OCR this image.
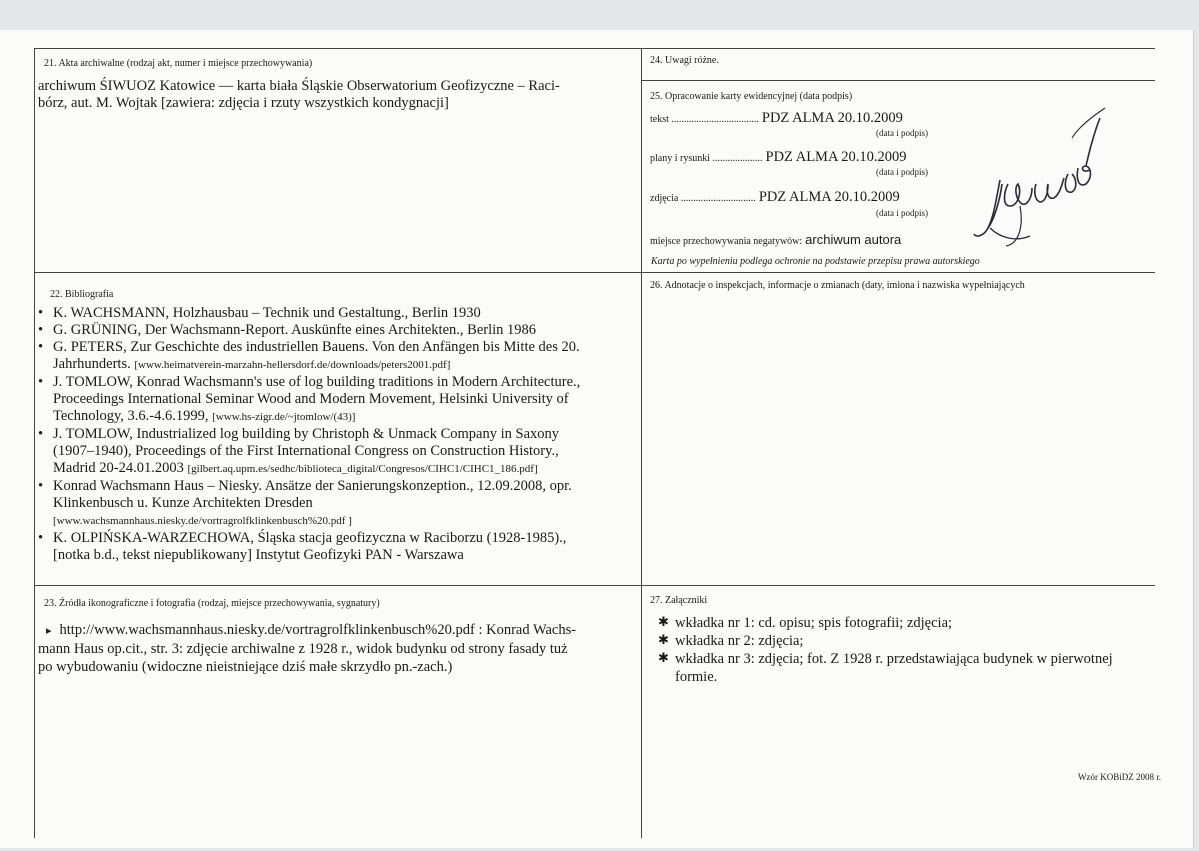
21. Akta archiwalne (rodzaj akt, numer i miejsce przechowywania)
archiwum ŚIWUOZ Katowice — karta biała Śląskie Obserwatorium Geofizyczne – Raci-
bórz, aut. M. Wojtak [zawiera: zdjęcia i rzuty wszystkich kondygnacji]
24. Uwagi różne.
25. Opracowanie karty ewidencyjnej (data podpis)
tekst ................................... PDZ ALMA 20.10.2009
(data i podpis)
plany i rysunki .................... PDZ ALMA 20.10.2009
(data i podpis)
zdjęcia .............................. PDZ ALMA 20.10.2009
(data i podpis)
miejsce przechowywania negatywów: archiwum autora
Karta po wypełnieniu podlega ochronie na podstawie przepisu prawa autorskiego
22. Bibliografia
• K. WACHSMANN, Holzhausbau – Technik und Gestaltung., Berlin 1930
• G. GRÜNING, Der Wachsmann-Report. Auskünfte eines Architekten., Berlin 1986
• G. PETERS, Zur Geschichte des industriellen Bauens. Von den Anfängen bis Mitte des 20.
Jahrhunderts. [www.heimatverein-marzahn-hellersdorf.de/downloads/peters2001.pdf]
• J. TOMLOW, Konrad Wachsmann's use of log building traditions in Modern Architecture.,
Proceedings International Seminar Wood and Modern Movement, Helsinki University of
Technology, 3.6.-4.6.1999, [www.hs-zigr.de/~jtomlow/(43)]
• J. TOMLOW, Industrialized log building by Christoph & Unmack Company in Saxony
(1907–1940), Proceedings of the First International Congress on Construction History.,
Madrid 20-24.01.2003 [gilbert.aq.upm.es/sedhc/biblioteca_digital/Congresos/CIHC1/CIHC1_186.pdf]
• Konrad Wachsmann Haus – Niesky. Ansätze der Sanierungskonzeption., 12.09.2008, opr.
Klinkenbusch u. Kunze Architekten Dresden
[www.wachsmannhaus.niesky.de/vortragrolfklinkenbusch%20.pdf ]
• K. OLPIŃSKA-WARZECHOWA, Śląska stacja geofizyczna w Raciborzu (1928-1985).,
[notka b.d., tekst niepublikowany] Instytut Geofizyki PAN - Warszawa
26. Adnotacje o inspekcjach, informacje o zmianach (daty, imiona i nazwiska wypełniających
23. Źródła ikonograficzne i fotografia (rodzaj, miejsce przechowywania, sygnatury)
▸ http://www.wachsmannhaus.niesky.de/vortragrolfklinkenbusch%20.pdf : Konrad Wachs-
mann Haus op.cit., str. 3: zdjęcie archiwalne z 1928 r., widok budynku od strony fasady tuż
po wybudowaniu (widoczne nieistniejące dziś małe skrzydło pn.-zach.)
27. Załączniki
✱ wkładka nr 1: cd. opisu; spis fotografii; zdjęcia;
✱ wkładka nr 2: zdjęcia;
✱ wkładka nr 3: zdjęcia; fot. Z 1928 r. przedstawiająca budynek w pierwotnej
formie.
Wzór KOBiDZ 2008 r.
